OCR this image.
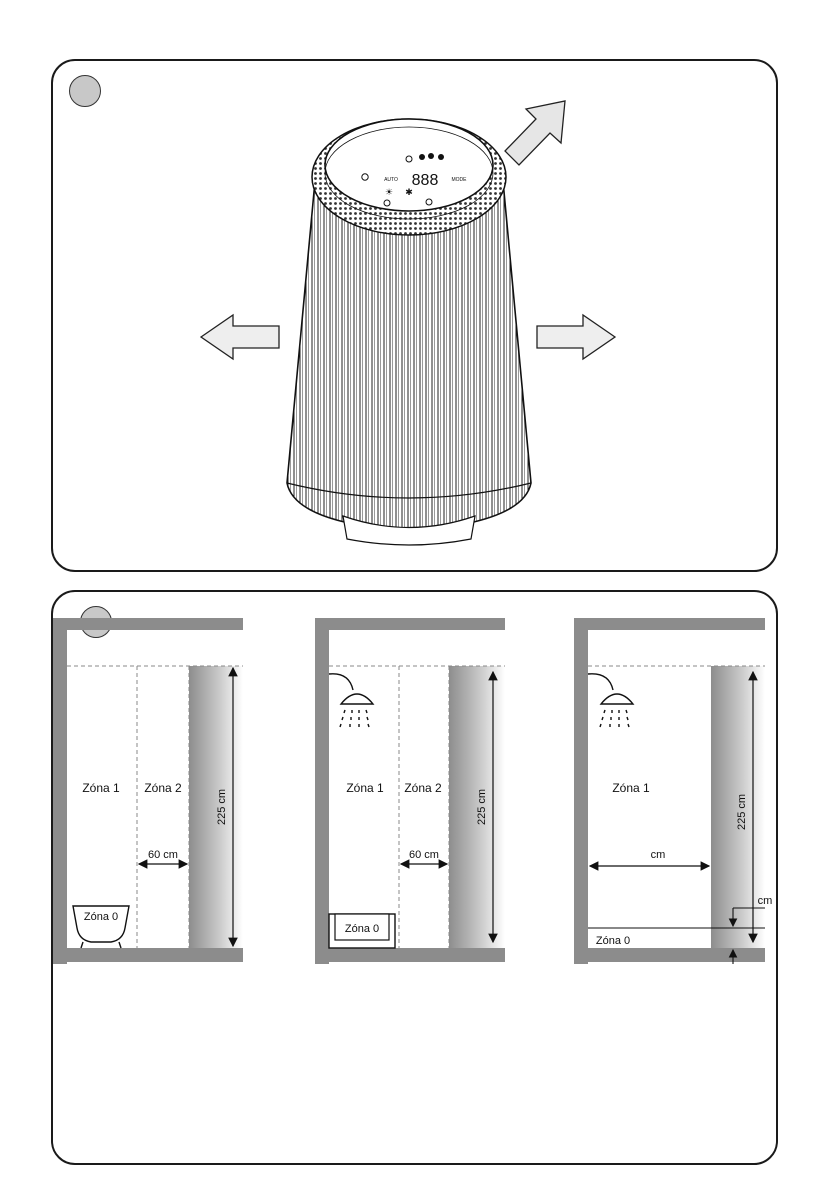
888
AUTO	MODE
☀ ✱
Zóna 1 Zóna 2
Zóna 0
60 cm
225 cm
Zóna 1 Zóna 2
Zóna 0
60 cm
225 cm
Zóna 1
Zóna 0
cm
225 cm
cm
